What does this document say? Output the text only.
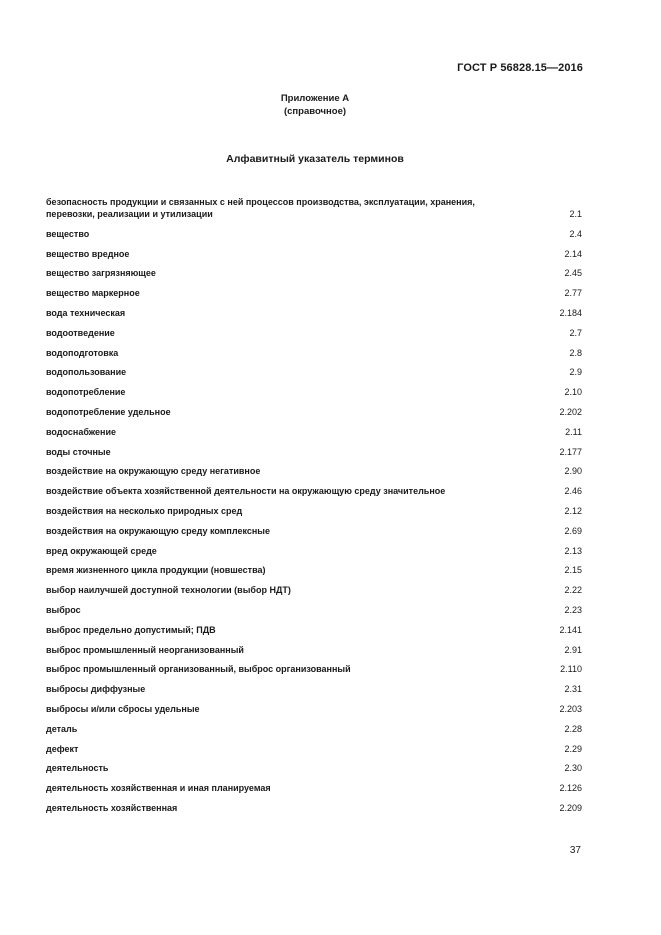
ГОСТ Р 56828.15—2016
Приложение А
(справочное)
Алфавитный указатель терминов
безопасность продукции и связанных с ней процессов производства, эксплуатации, хранения, перевозки, реализации и утилизации	2.1
вещество	2.4
вещество вредное	2.14
вещество загрязняющее	2.45
вещество маркерное	2.77
вода техническая	2.184
водоотведение	2.7
водоподготовка	2.8
водопользование	2.9
водопотребление	2.10
водопотребление удельное	2.202
водоснабжение	2.11
воды сточные	2.177
воздействие на окружающую среду негативное	2.90
воздействие объекта хозяйственной деятельности на окружающую среду значительное	2.46
воздействия на несколько природных сред	2.12
воздействия на окружающую среду комплексные	2.69
вред окружающей среде	2.13
время жизненного цикла продукции (новшества)	2.15
выбор наилучшей доступной технологии (выбор НДТ)	2.22
выброс	2.23
выброс предельно допустимый; ПДВ	2.141
выброс промышленный неорганизованный	2.91
выброс промышленный организованный, выброс организованный	2.110
выбросы диффузные	2.31
выбросы и/или сбросы удельные	2.203
деталь	2.28
дефект	2.29
деятельность	2.30
деятельность хозяйственная и иная планируемая	2.126
деятельность хозяйственная	2.209
37
